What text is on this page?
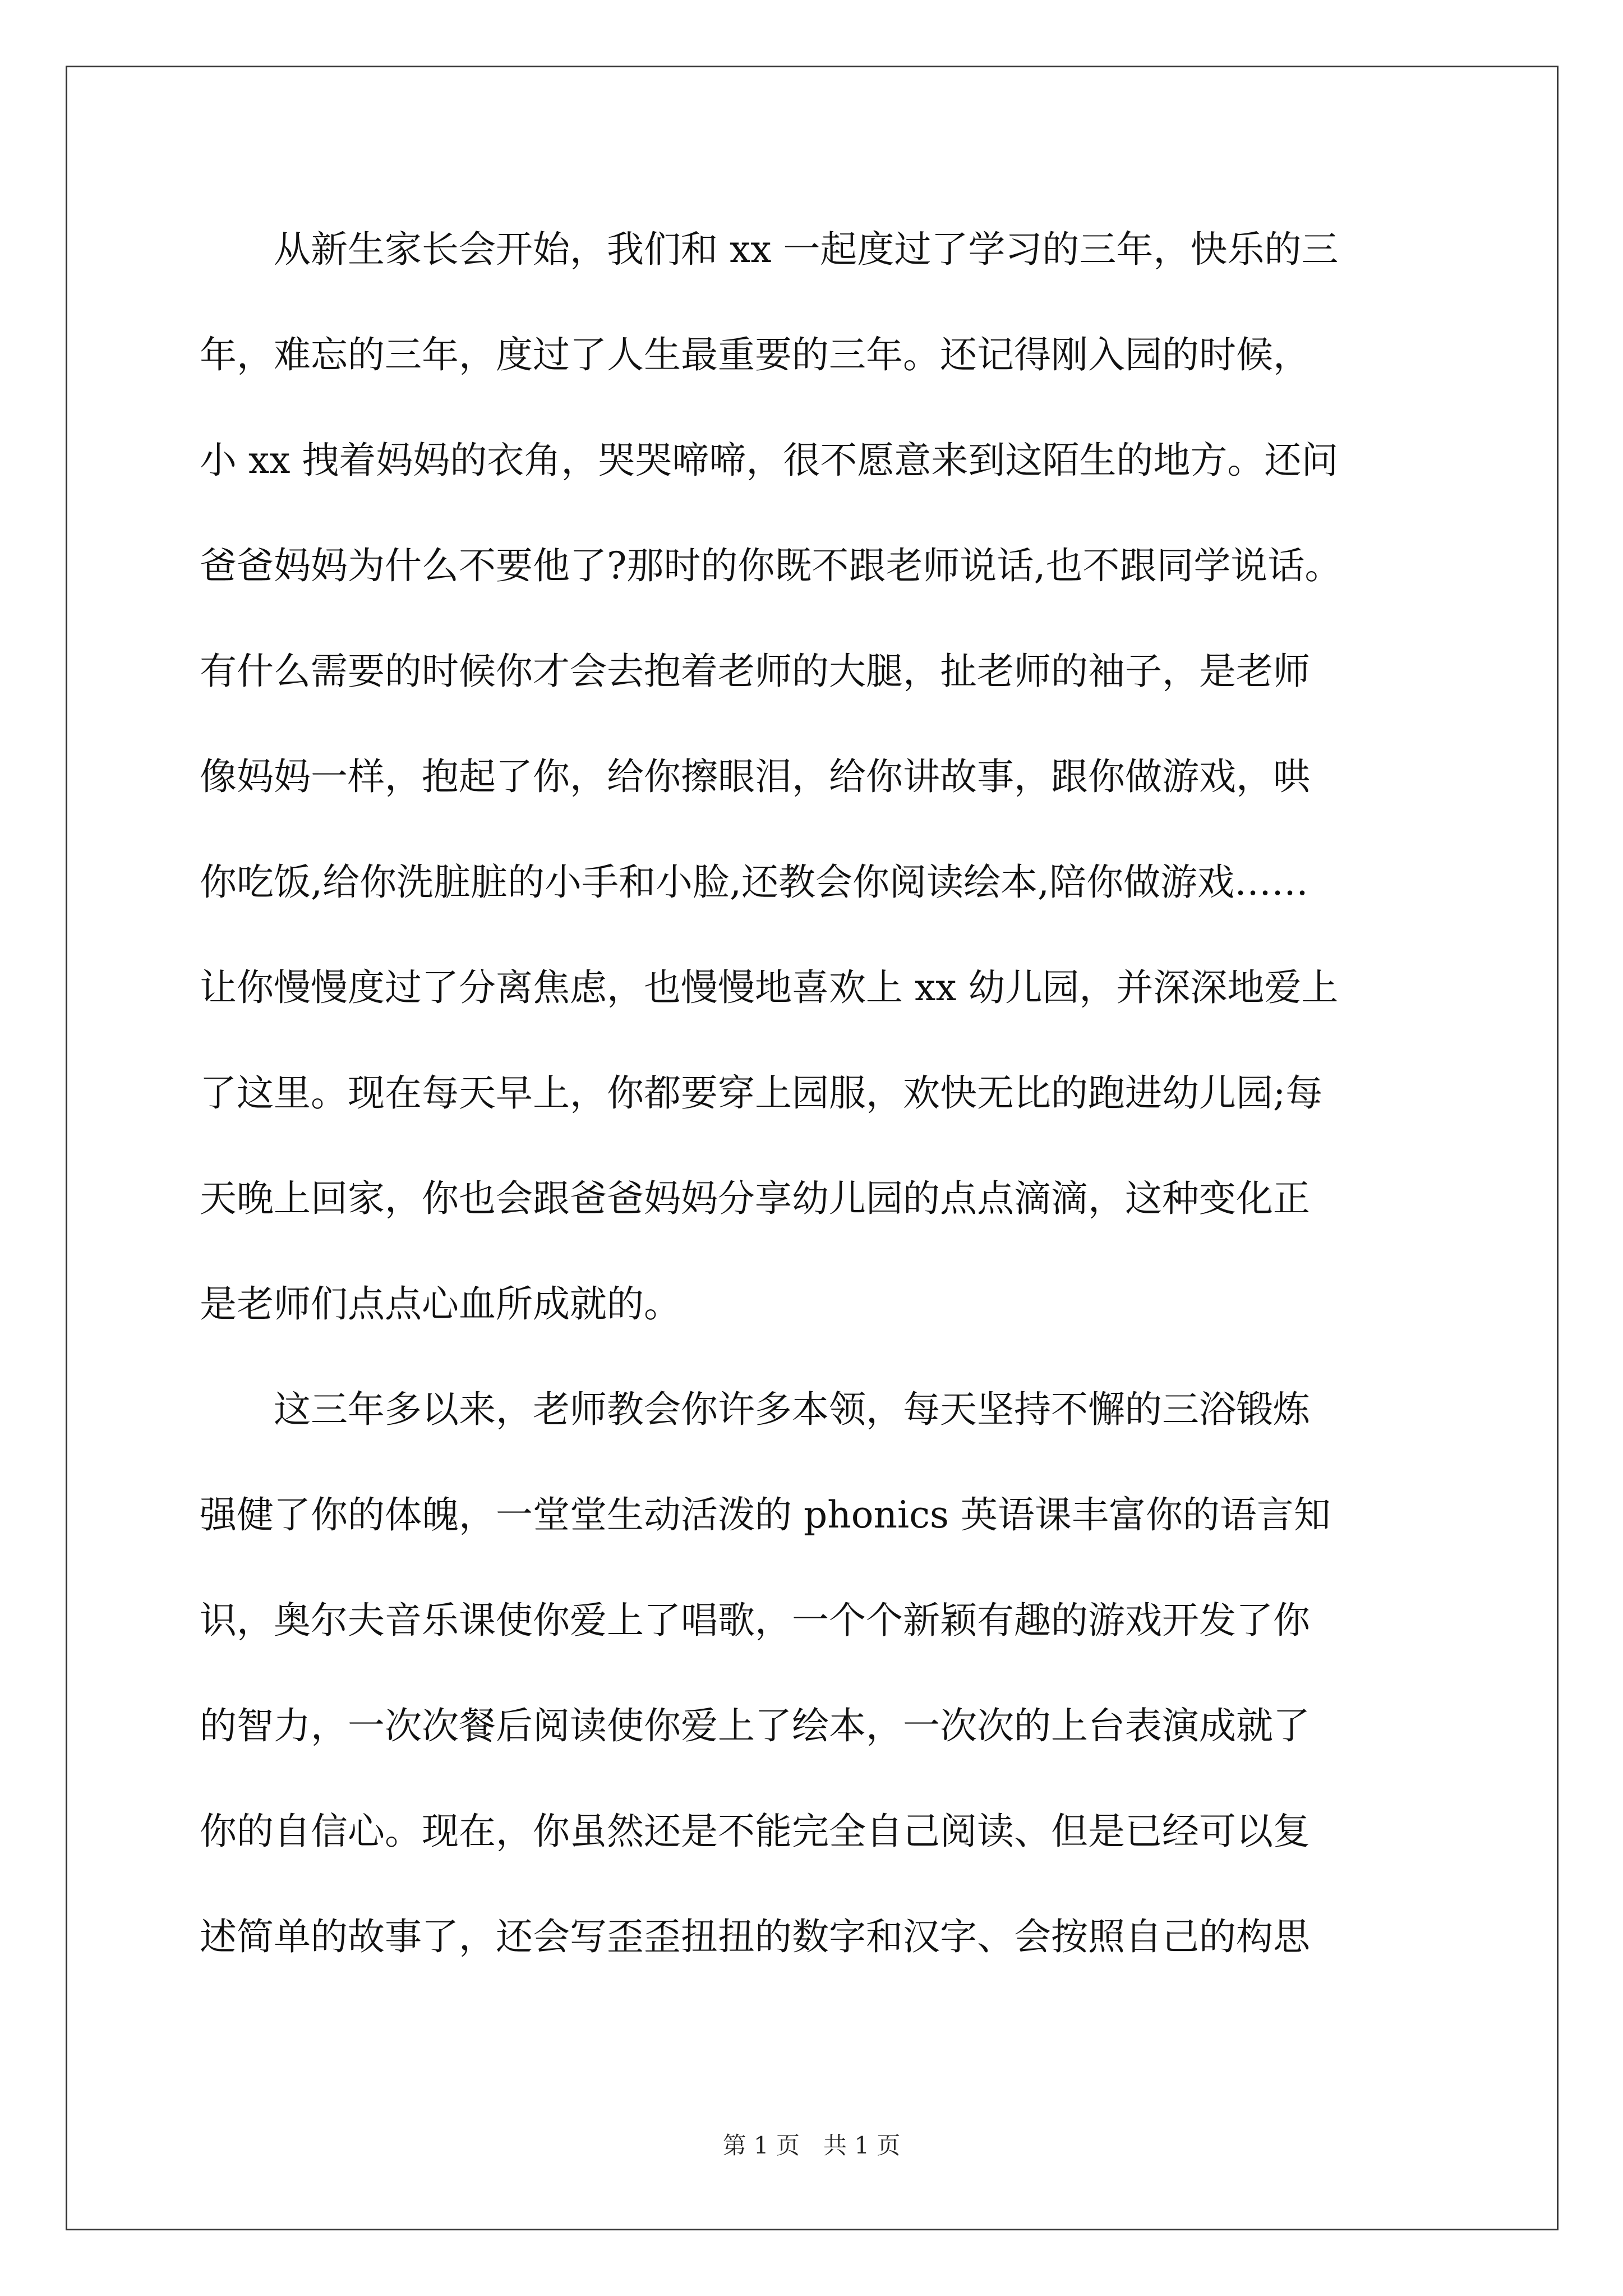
从新生家长会开始，我们和 xx 一起度过了学习的三年，快乐的三
年，难忘的三年，度过了人生最重要的三年。还记得刚入园的时候，
小 xx 拽着妈妈的衣角，哭哭啼啼，很不愿意来到这陌生的地方。还问
爸爸妈妈为什么不要他了?那时的你既不跟老师说话,也不跟同学说话。
有什么需要的时候你才会去抱着老师的大腿，扯老师的袖子，是老师
像妈妈一样，抱起了你，给你擦眼泪，给你讲故事，跟你做游戏，哄
你吃饭,给你洗脏脏的小手和小脸,还教会你阅读绘本,陪你做游戏……
让你慢慢度过了分离焦虑，也慢慢地喜欢上 xx 幼儿园，并深深地爱上
了这里。现在每天早上，你都要穿上园服，欢快无比的跑进幼儿园;每
天晚上回家，你也会跟爸爸妈妈分享幼儿园的点点滴滴，这种变化正
是老师们点点心血所成就的。
这三年多以来，老师教会你许多本领，每天坚持不懈的三浴锻炼
强健了你的体魄，一堂堂生动活泼的 phonics 英语课丰富你的语言知
识，奥尔夫音乐课使你爱上了唱歌，一个个新颖有趣的游戏开发了你
的智力，一次次餐后阅读使你爱上了绘本，一次次的上台表演成就了
你的自信心。现在，你虽然还是不能完全自己阅读、但是已经可以复
述简单的故事了，还会写歪歪扭扭的数字和汉字、会按照自己的构思
第 1 页　共 1 页
